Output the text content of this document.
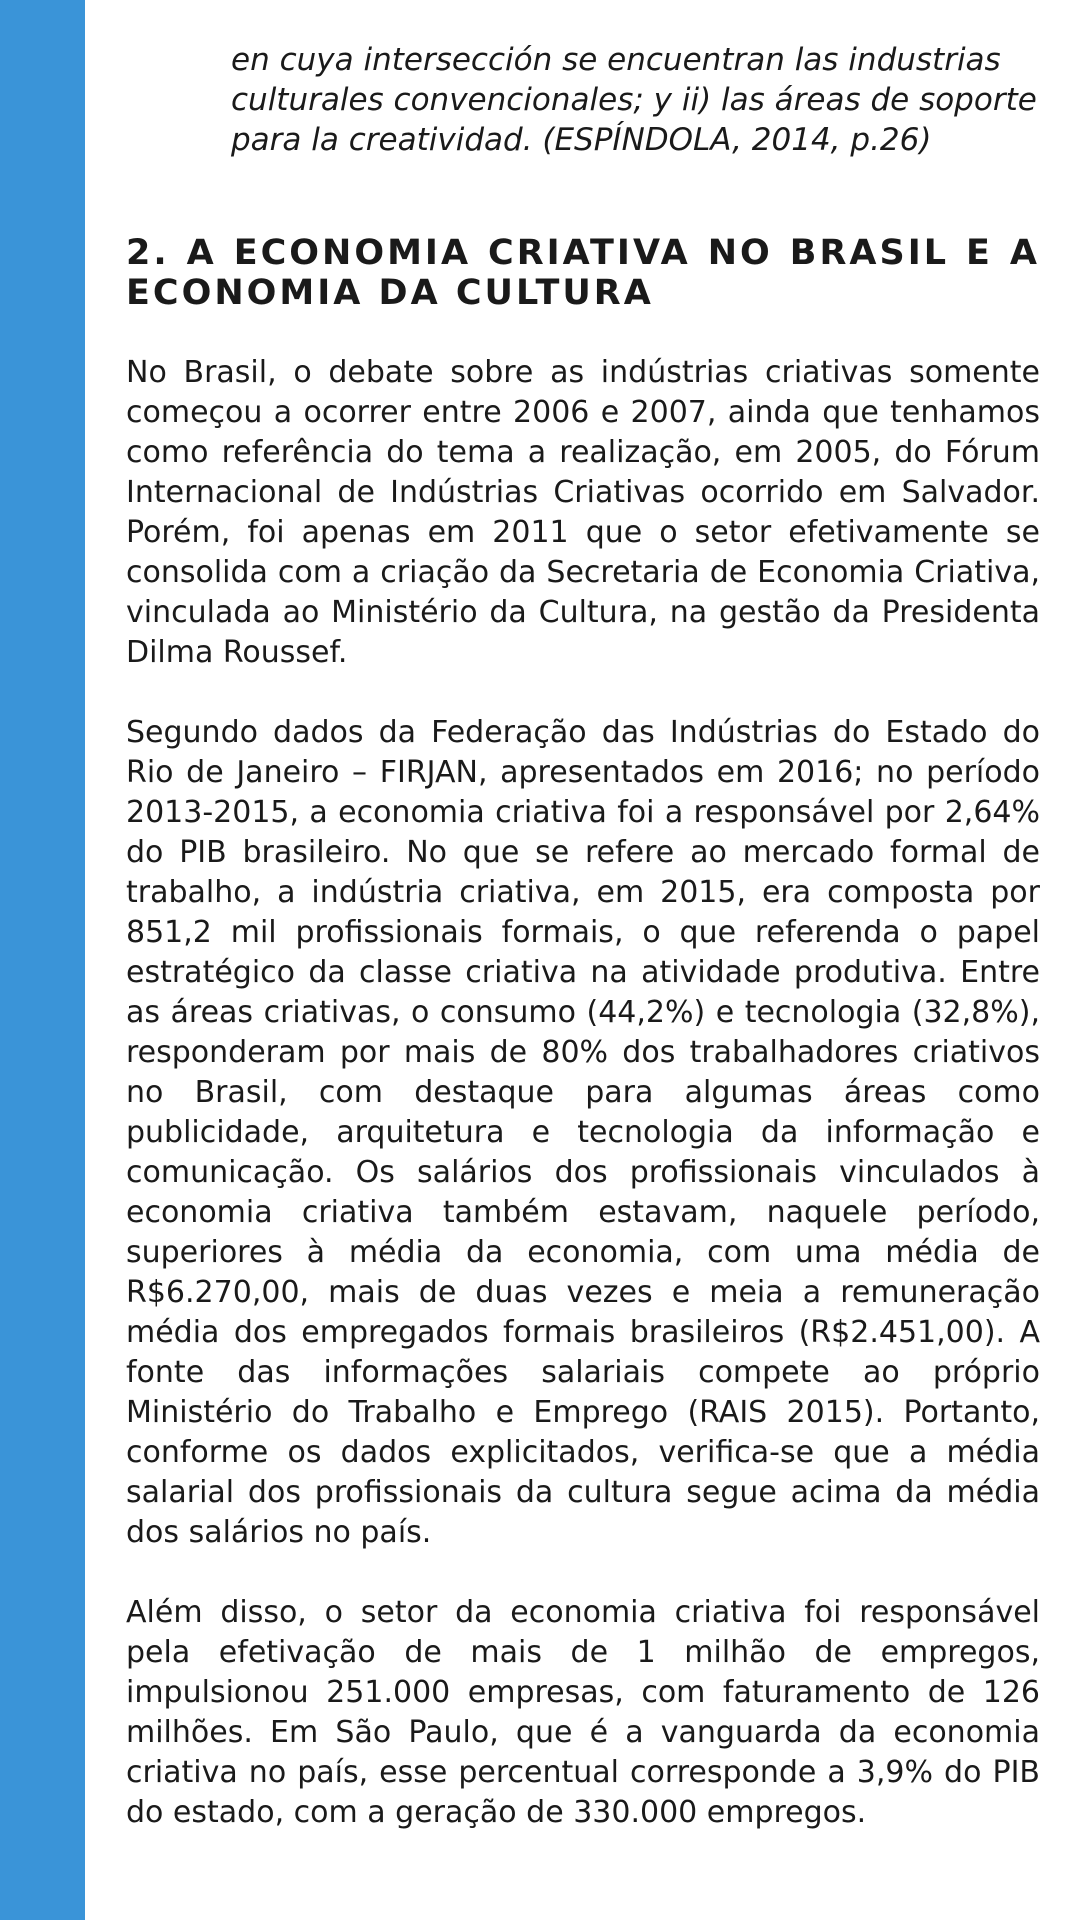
en cuya intersección se encuentran las industrias culturales convencionales; y ii) las áreas de soporte para la creatividad. (ESPÍNDOLA, 2014, p.26)

2. A ECONOMIA CRIATIVA NO BRASIL E A ECONOMIA DA CULTURA

No Brasil, o debate sobre as indústrias criativas somente começou a ocorrer entre 2006 e 2007, ainda que tenhamos como referência do tema a realização, em 2005, do Fórum Internacional de Indústrias Criativas ocorrido em Salvador. Porém, foi apenas em 2011 que o setor efetivamente se consolida com a criação da Secretaria de Economia Criativa, vinculada ao Ministério da Cultura, na gestão da Presidenta Dilma Roussef.

Segundo dados da Federação das Indústrias do Estado do Rio de Janeiro – FIRJAN, apresentados em 2016; no período 2013-2015, a economia criativa foi a responsável por 2,64% do PIB brasileiro. No que se refere ao mercado formal de trabalho, a indústria criativa, em 2015, era composta por 851,2 mil profissionais formais, o que referenda o papel estratégico da classe criativa na atividade produtiva. Entre as áreas criativas, o consumo (44,2%) e tecnologia (32,8%), responderam por mais de 80% dos trabalhadores criativos no Brasil, com destaque para algumas áreas como publicidade, arquitetura e tecnologia da informação e comunicação. Os salários dos profissionais vinculados à economia criativa também estavam, naquele período, superiores à média da economia, com uma média de R$6.270,00, mais de duas vezes e meia a remuneração média dos empregados formais brasileiros (R$2.451,00). A fonte das informações salariais compete ao próprio Ministério do Trabalho e Emprego (RAIS 2015). Portanto, conforme os dados explicitados, verifica-se que a média salarial dos profissionais da cultura segue acima da média dos salários no país.

Além disso, o setor da economia criativa foi responsável pela efetivação de mais de 1 milhão de empregos, impulsionou 251.000 empresas, com faturamento de 126 milhões. Em São Paulo, que é a vanguarda da economia criativa no país, esse percentual corresponde a 3,9% do PIB do estado, com a geração de 330.000 empregos.
